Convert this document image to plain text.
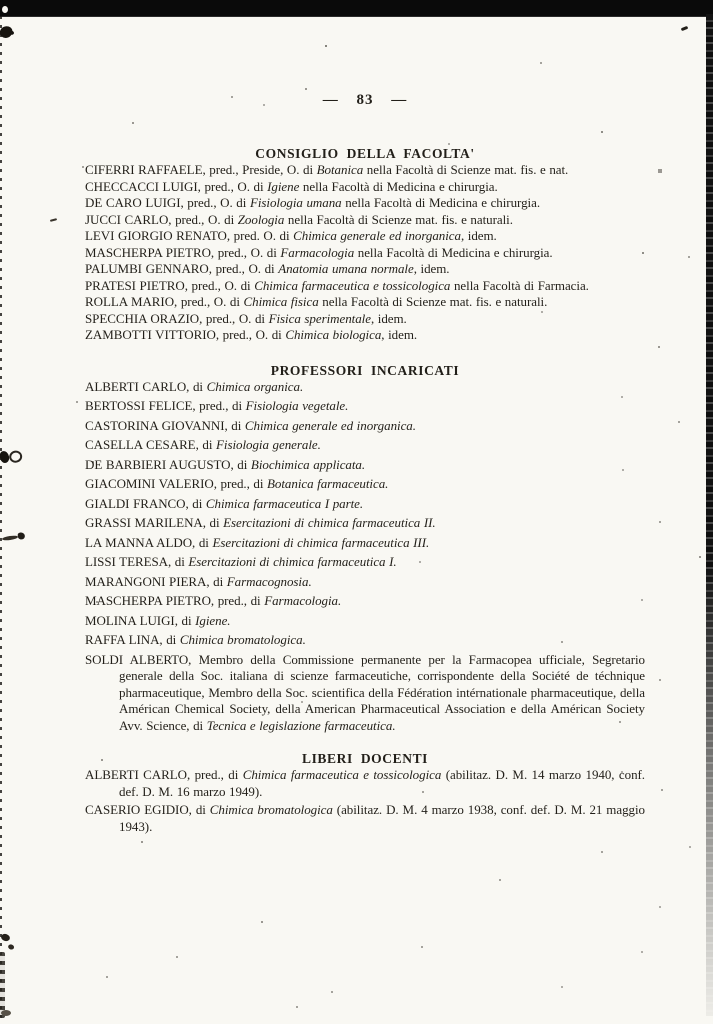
— 83 —
CONSIGLIO DELLA FACOLTA'
CIFERRI RAFFAELE, pred., Preside, O. di Botanica nella Facoltà di Scienze mat. fis. e nat.
CHECCACCI LUIGI, pred., O. di Igiene nella Facoltà di Medicina e chirurgia.
DE CARO LUIGI, pred., O. di Fisiologia umana nella Facoltà di Medicina e chirurgia.
JUCCI CARLO, pred., O. di Zoologia nella Facoltà di Scienze mat. fis. e naturali.
LEVI GIORGIO RENATO, pred. O. di Chimica generale ed inorganica, idem.
MASCHERPA PIETRO, pred., O. di Farmacologia nella Facoltà di Medicina e chirurgia.
PALUMBI GENNARO, pred., O. di Anatomia umana normale, idem.
PRATESI PIETRO, pred., O. di Chimica farmaceutica e tossicologica nella Facoltà di Farmacia.
ROLLA MARIO, pred., O. di Chimica fisica nella Facoltà di Scienze mat. fis. e naturali.
SPECCHIA ORAZIO, pred., O. di Fisica sperimentale, idem.
ZAMBOTTI VITTORIO, pred., O. di Chimica biologica, idem.
PROFESSORI INCARICATI
ALBERTI CARLO, di Chimica organica.
BERTOSSI FELICE, pred., di Fisiologia vegetale.
CASTORINA GIOVANNI, di Chimica generale ed inorganica.
CASELLA CESARE, di Fisiologia generale.
DE BARBIERI AUGUSTO, di Biochimica applicata.
GIACOMINI VALERIO, pred., di Botanica farmaceutica.
GIALDI FRANCO, di Chimica farmaceutica I parte.
GRASSI MARILENA, di Esercitazioni di chimica farmaceutica II.
LA MANNA ALDO, di Esercitazioni di chimica farmaceutica III.
LISSI TERESA, di Esercitazioni di chimica farmaceutica I.
MARANGONI PIERA, di Farmacognosia.
MASCHERPA PIETRO, pred., di Farmacologia.
MOLINA LUIGI, di Igiene.
RAFFA LINA, di Chimica bromatologica.
SOLDI ALBERTO, Membro della Commissione permanente per la Farmacopea ufficiale, Segretario generale della Soc. italiana di scienze farmaceutiche, corrispondente della Société de téchnique pharmaceutique, Membro della Soc. scientifica della Fédération intérnationale pharmaceutique, della Américan Chemical Society, della American Pharmaceutical Association e della Américan Society Avv. Science, di Tecnica e legislazione farmaceutica.
LIBERI DOCENTI
ALBERTI CARLO, pred., di Chimica farmaceutica e tossicologica (abilitaz. D. M. 14 marzo 1940, conf. def. D. M. 16 marzo 1949).
CASERIO EGIDIO, di Chimica bromatologica (abilitaz. D. M. 4 marzo 1938, conf. def. D. M. 21 maggio 1943).
